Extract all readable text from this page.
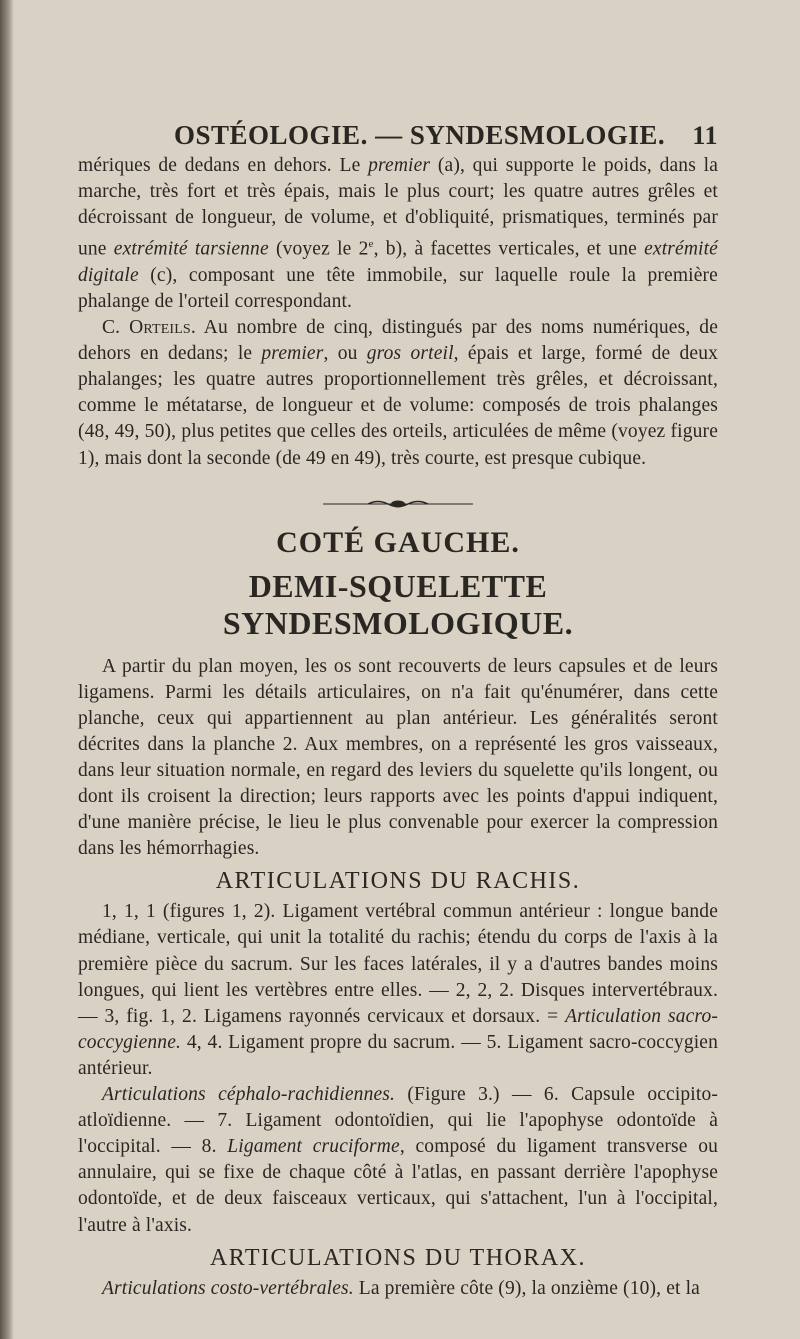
OSTÉOLOGIE. — SYNDESMOLOGIE. 11

mériques de dedans en dehors. Le premier (a), qui supporte le poids, dans la marche, très fort et très épais, mais le plus court; les quatre autres grêles et décroissant de longueur, de volume, et d'obliquité, prismatiques, terminés par une extrémité tarsienne (voyez le 2e, b), à facettes verticales, et une extrémité digitale (c), composant une tête immobile, sur laquelle roule la première phalange de l'orteil correspondant.

C. Orteils. Au nombre de cinq, distingués par des noms numériques, de dehors en dedans; le premier, ou gros orteil, épais et large, formé de deux phalanges; les quatre autres proportionnellement très grêles, et décroissant, comme le métatarse, de longueur et de volume: composés de trois phalanges (48, 49, 50), plus petites que celles des orteils, articulées de même (voyez figure 1), mais dont la seconde (de 49 en 49), très courte, est presque cubique.

COTÉ GAUCHE.
DEMI-SQUELETTE SYNDESMOLOGIQUE.

A partir du plan moyen, les os sont recouverts de leurs capsules et de leurs ligamens. Parmi les détails articulaires, on n'a fait qu'énumérer, dans cette planche, ceux qui appartiennent au plan antérieur. Les généralités seront décrites dans la planche 2. Aux membres, on a représenté les gros vaisseaux, dans leur situation normale, en regard des leviers du squelette qu'ils longent, ou dont ils croisent la direction; leurs rapports avec les points d'appui indiquent, d'une manière précise, le lieu le plus convenable pour exercer la compression dans les hémorrhagies.

ARTICULATIONS DU RACHIS.

1, 1, 1 (figures 1, 2). Ligament vertébral commun antérieur : longue bande médiane, verticale, qui unit la totalité du rachis; étendu du corps de l'axis à la première pièce du sacrum. Sur les faces latérales, il y a d'autres bandes moins longues, qui lient les vertèbres entre elles. — 2, 2, 2. Disques intervertébraux. — 3, fig. 1, 2. Ligamens rayonnés cervicaux et dorsaux. = Articulation sacro-coccygienne. 4, 4. Ligament propre du sacrum. — 5. Ligament sacro-coccygien antérieur.

Articulations céphalo-rachidiennes. (Figure 3.) — 6. Capsule occipito-atloïdienne. — 7. Ligament odontoïdien, qui lie l'apophyse odontoïde à l'occipital. — 8. Ligament cruciforme, composé du ligament transverse ou annulaire, qui se fixe de chaque côté à l'atlas, en passant derrière l'apophyse odontoïde, et de deux faisceaux verticaux, qui s'attachent, l'un à l'occipital, l'autre à l'axis.

ARTICULATIONS DU THORAX.

Articulations costo-vertébrales. La première côte (9), la onzième (10), et la
